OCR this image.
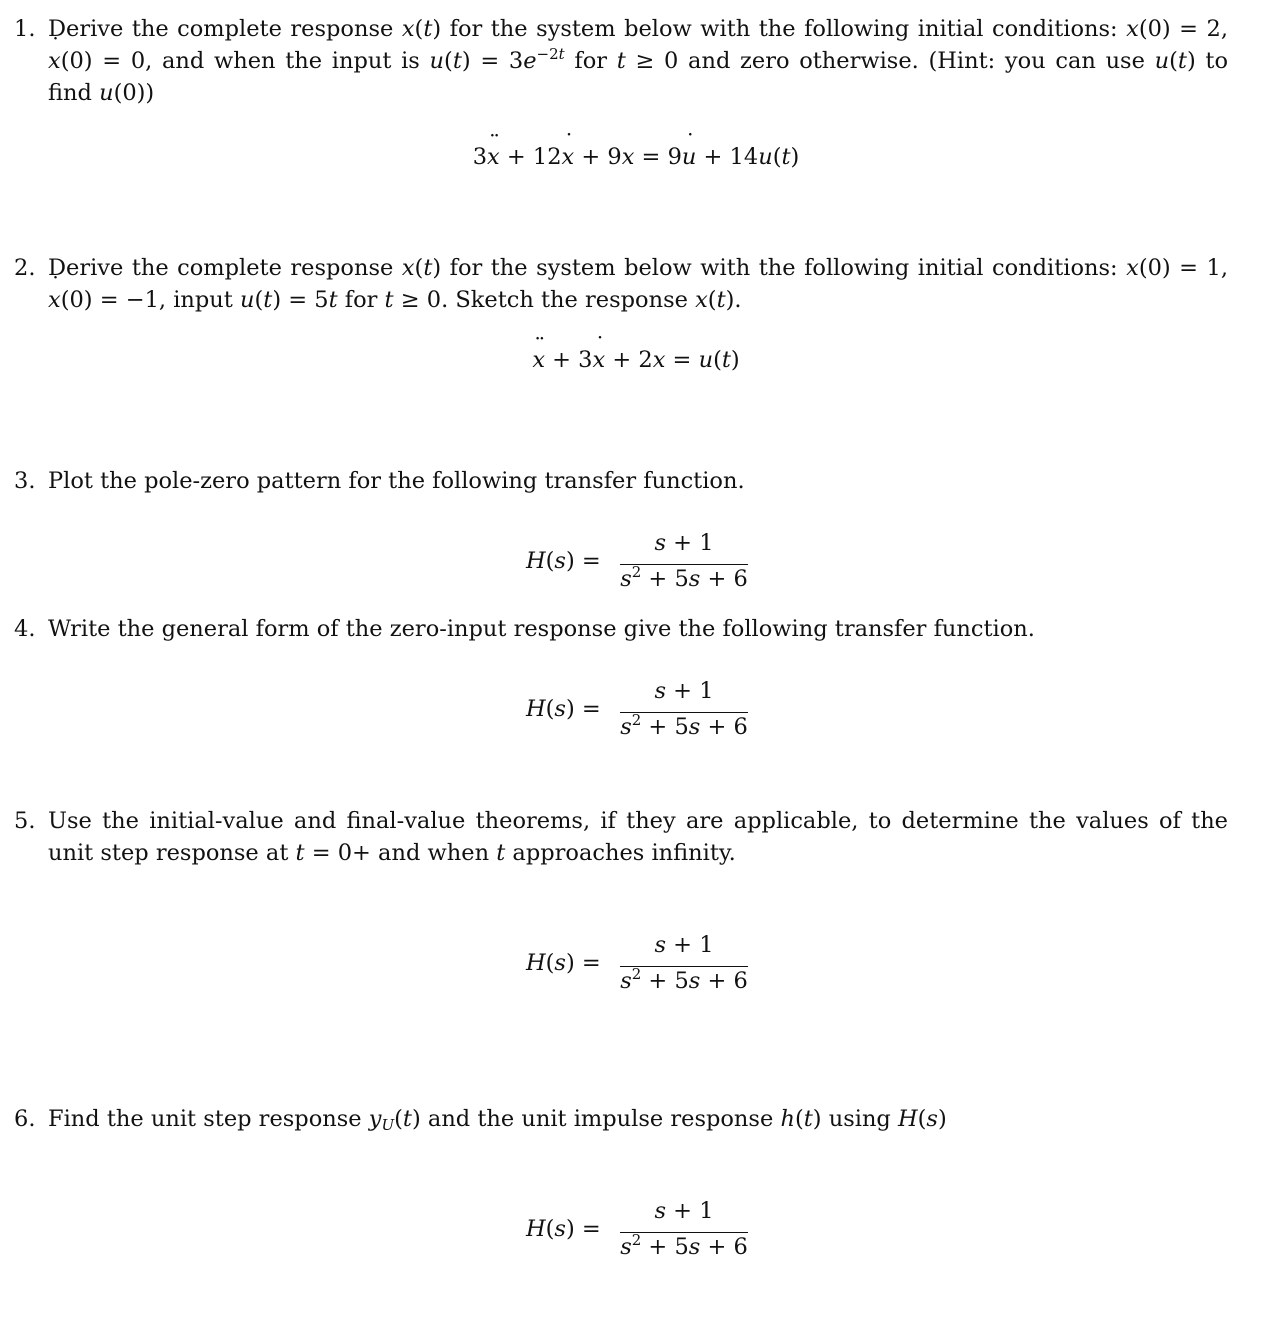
1. Derive the complete response x(t) for the system below with the following initial conditions: x(0) = 2,
x ˙(0) = 0, and when the input is $u(t) = 3e^{-2t}$ for t ≥ 0 and zero otherwise. (Hint: you can use u(t) to
find u(0))
3x ¨ + 12x ˙ + 9x = 9u ˙ + 14u(t)
2. Derive the complete response x(t) for the system below with the following initial conditions: x(0) = 1,
x ˙(0) = −1, input u(t) = 5t for t ≥ 0. Sketch the response x(t).
x ¨ + 3x ˙ + 2x = u(t)
3. Plot the pole-zero pattern for the following transfer function.
H(s) =
s + 1
$s^2 + 5s + 6$
4. Write the general form of the zero-input response give the following transfer function.
H(s) =
s + 1
$s^2 + 5s + 6$
5. Use the initial-value and final-value theorems, if they are applicable, to determine the values of the
unit step response at t = 0+ and when t approaches infinity.
H(s) =
s + 1
$s^2 + 5s + 6$
6. Find the unit step response $y_U(t)$ and the unit impulse response h(t) using H(s)
H(s) =
s + 1
$s^2 + 5s + 6$
